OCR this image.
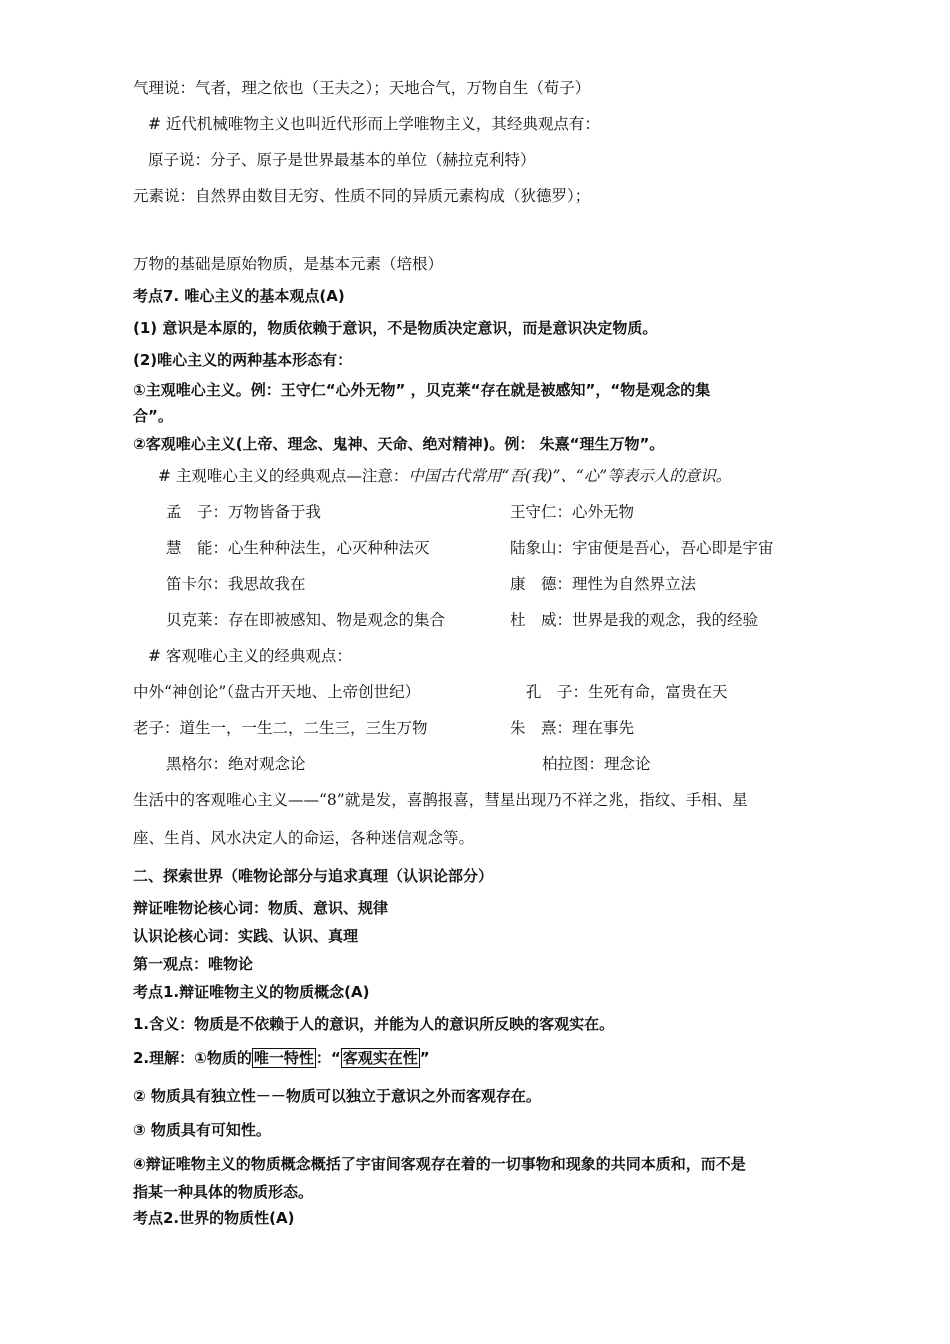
气理说：气者，理之依也（王夫之）；天地合气，万物自生（荀子）
# 近代机械唯物主义也叫近代形而上学唯物主义，其经典观点有：
原子说：分子、原子是世界最基本的单位（赫拉克利特）
元素说：自然界由数目无穷、性质不同的异质元素构成（狄德罗）；
万物的基础是原始物质，是基本元素（培根）
考点7. 唯心主义的基本观点(A)
(1) 意识是本原的，物质依赖于意识，不是物质决定意识，而是意识决定物质。
(2)唯心主义的两种基本形态有：
①主观唯心主义。例：王守仁“心外无物” ，贝克莱“存在就是被感知”，“物是观念的集
合”。
②客观唯心主义(上帝、理念、鬼神、天命、绝对精神)。例： 朱熹“理生万物”。
# 主观唯心主义的经典观点—注意：中国古代常用“吾(我)”、“心”等表示人的意识。
孟　子：万物皆备于我	王守仁：心外无物
慧　能：心生种种法生，心灭种种法灭	陆象山：宇宙便是吾心，吾心即是宇宙
笛卡尔：我思故我在	康　德：理性为自然界立法
贝克莱：存在即被感知、物是观念的集合	杜　威：世界是我的观念，我的经验
# 客观唯心主义的经典观点：
中外“神创论”（盘古开天地、上帝创世纪）	孔　子：生死有命，富贵在天
老子：道生一，一生二，二生三，三生万物	朱　熹：理在事先
黑格尔：绝对观念论	柏拉图：理念论
生活中的客观唯心主义——“8”就是发，喜鹊报喜，彗星出现乃不祥之兆，指纹、手相、星
座、生肖、风水决定人的命运，各种迷信观念等。
二、探索世界（唯物论部分与追求真理（认识论部分）
辩证唯物论核心词：物质、意识、规律
认识论核心词：实践、认识、真理
第一观点：唯物论
考点1.辩证唯物主义的物质概念(A)
1.含义：物质是不依赖于人的意识，并能为人的意识所反映的客观实在。
2.理解：①物质的 唯一特性 ：“ 客观实在性 ”
② 物质具有独立性－－物质可以独立于意识之外而客观存在。
③ 物质具有可知性。
④辩证唯物主义的物质概念概括了宇宙间客观存在着的一切事物和现象的共同本质和，而不是
指某一种具体的物质形态。
考点2.世界的物质性(A)
